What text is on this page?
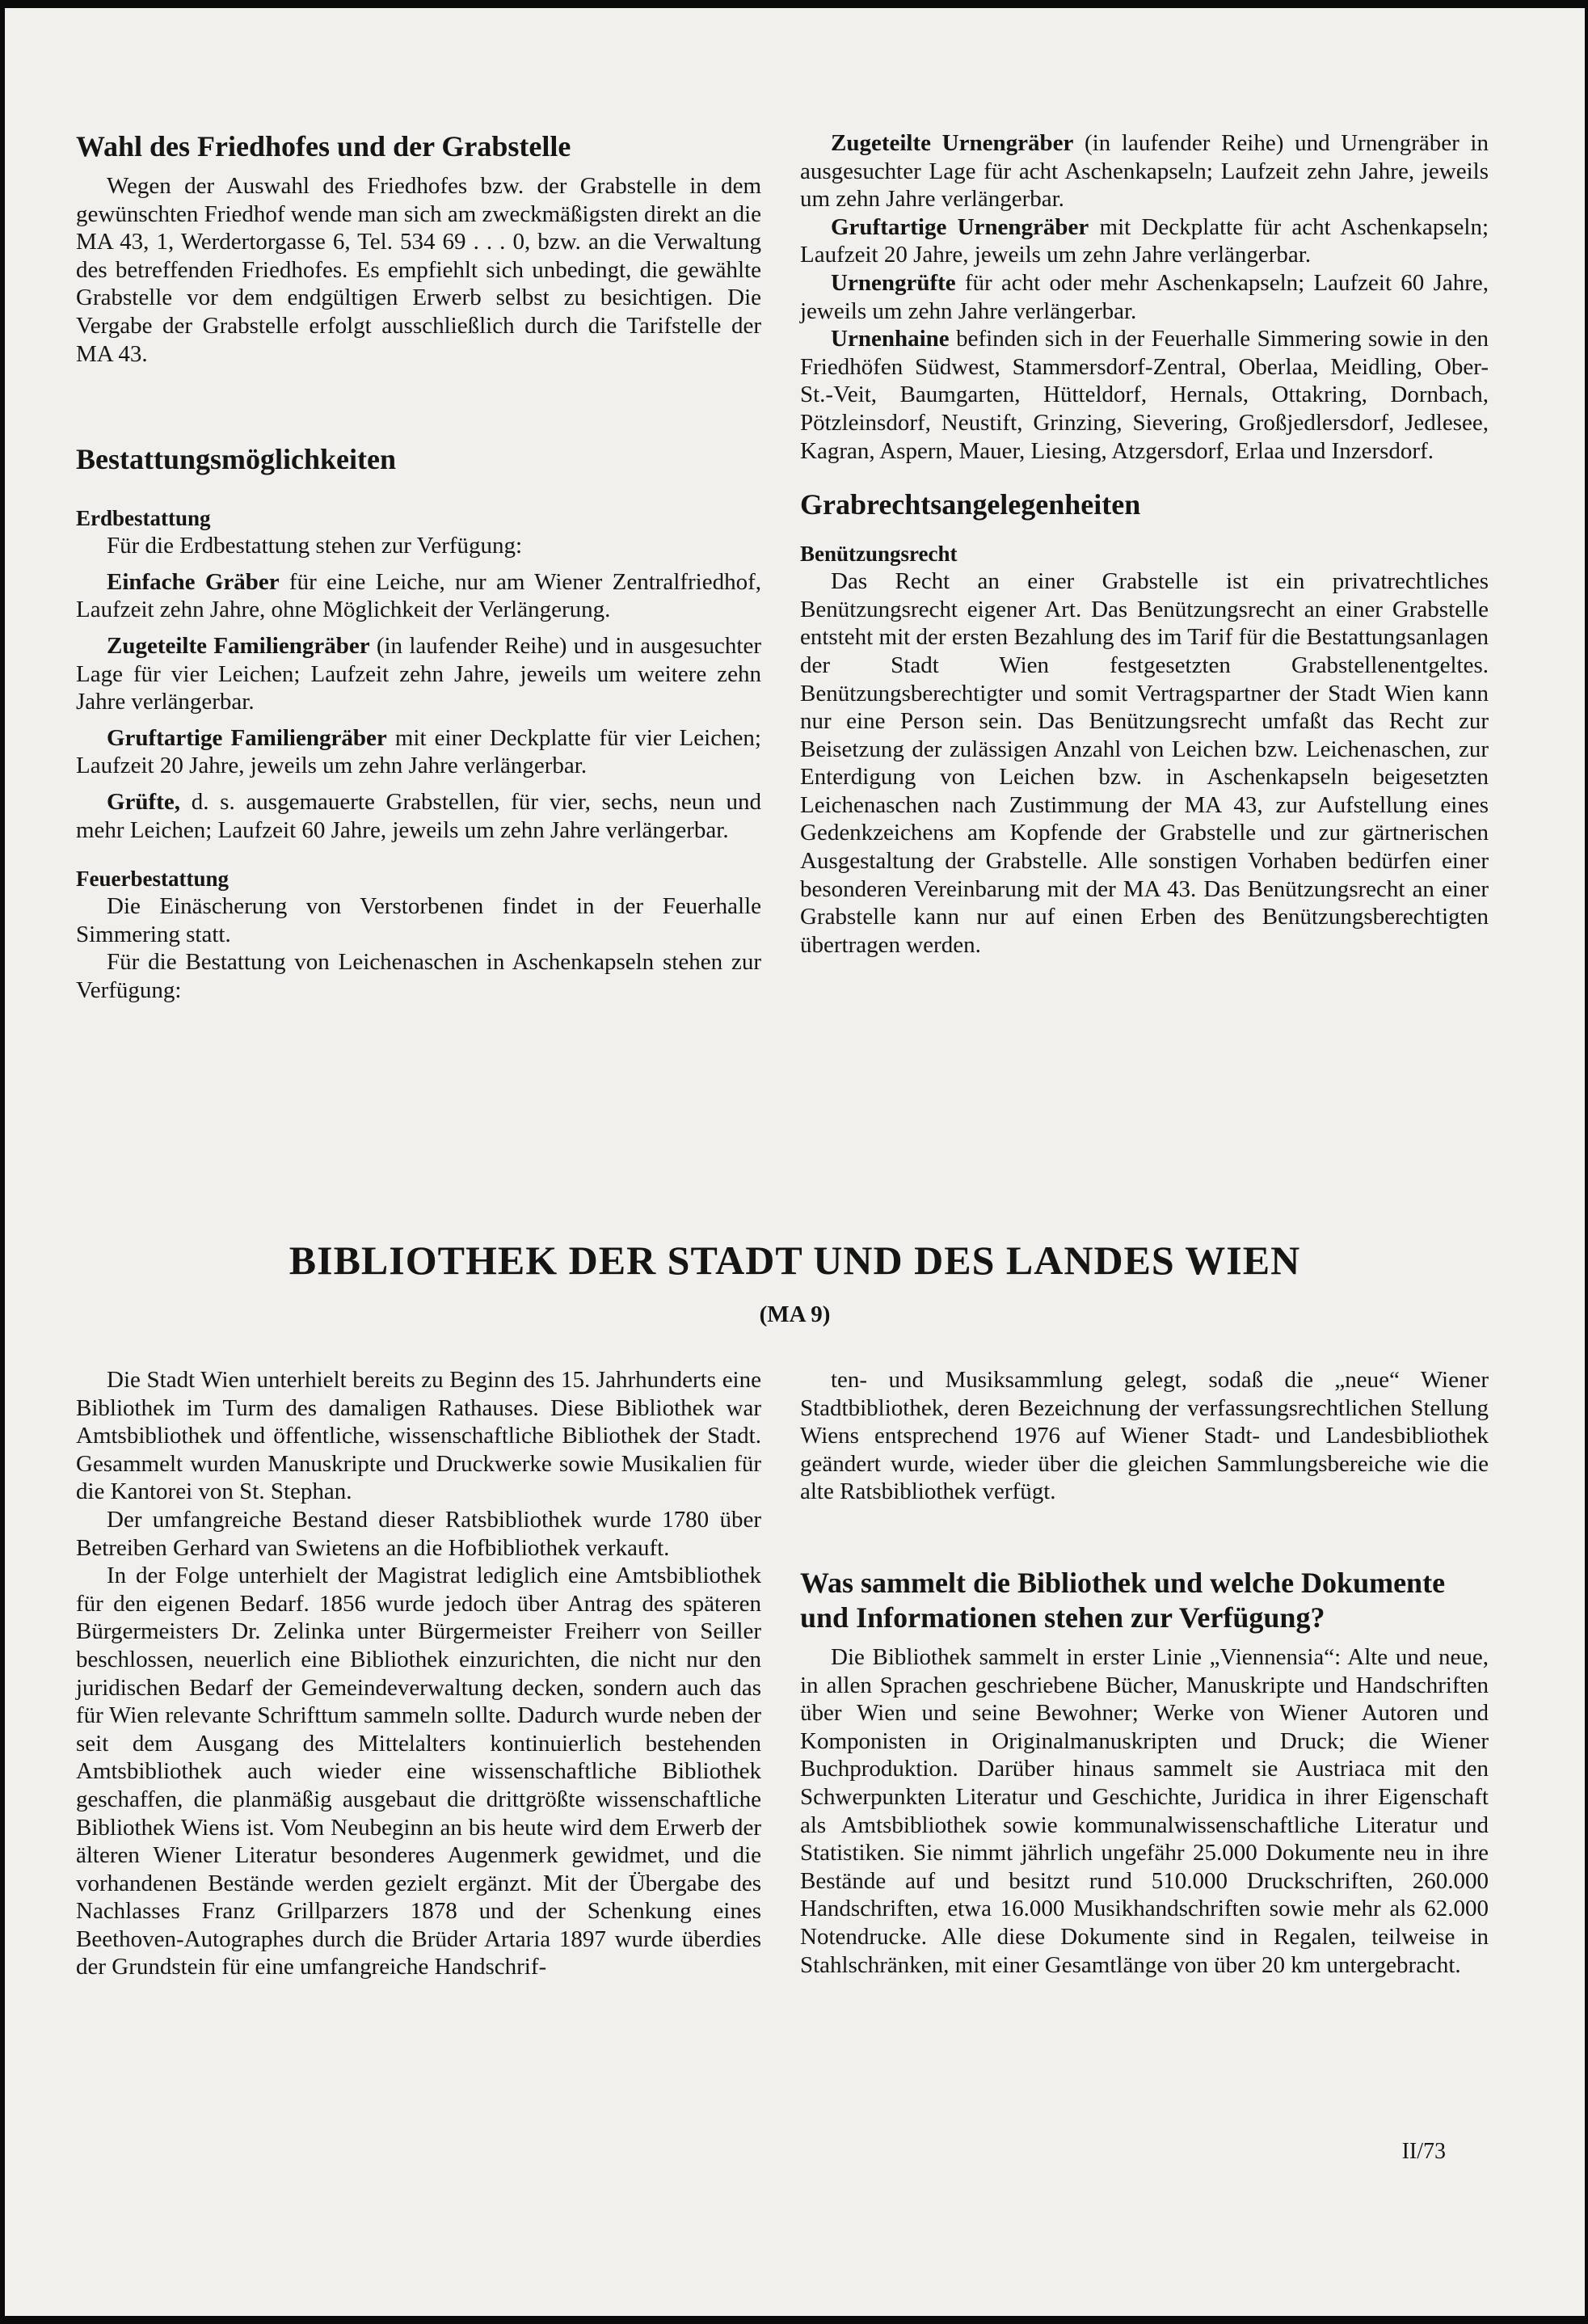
Wahl des Friedhofes und der Grabstelle

Wegen der Auswahl des Friedhofes bzw. der Grabstelle in dem gewünschten Friedhof wende man sich am zweckmäßigsten direkt an die MA 43, 1, Werdertorgasse 6, Tel. 534 69 . . . 0, bzw. an die Verwaltung des betreffenden Friedhofes. Es empfiehlt sich unbedingt, die gewählte Grabstelle vor dem endgültigen Erwerb selbst zu besichtigen. Die Vergabe der Grabstelle erfolgt ausschließlich durch die Tarifstelle der MA 43.

Bestattungsmöglichkeiten
Erdbestattung

Für die Erdbestattung stehen zur Verfügung:

Einfache Gräber für eine Leiche, nur am Wiener Zentralfriedhof, Laufzeit zehn Jahre, ohne Möglichkeit der Verlängerung.

Zugeteilte Familiengräber (in laufender Reihe) und in ausgesuchter Lage für vier Leichen; Laufzeit zehn Jahre, jeweils um weitere zehn Jahre verlängerbar.

Gruftartige Familiengräber mit einer Deckplatte für vier Leichen; Laufzeit 20 Jahre, jeweils um zehn Jahre verlängerbar.

Grüfte, d. s. ausgemauerte Grabstellen, für vier, sechs, neun und mehr Leichen; Laufzeit 60 Jahre, jeweils um zehn Jahre verlängerbar.

Feuerbestattung

Die Einäscherung von Verstorbenen findet in der Feuerhalle Simmering statt.

Für die Bestattung von Leichenaschen in Aschenkapseln stehen zur Verfügung:

Zugeteilte Urnengräber (in laufender Reihe) und Urnengräber in ausgesuchter Lage für acht Aschenkapseln; Laufzeit zehn Jahre, jeweils um zehn Jahre verlängerbar.

Gruftartige Urnengräber mit Deckplatte für acht Aschenkapseln; Laufzeit 20 Jahre, jeweils um zehn Jahre verlängerbar.

Urnengrüfte für acht oder mehr Aschenkapseln; Laufzeit 60 Jahre, jeweils um zehn Jahre verlängerbar.

Urnenhaine befinden sich in der Feuerhalle Simmering sowie in den Friedhöfen Südwest, Stammersdorf-Zentral, Oberlaa, Meidling, Ober-St.-Veit, Baumgarten, Hütteldorf, Hernals, Ottakring, Dornbach, Pötzleinsdorf, Neustift, Grinzing, Sievering, Großjedlersdorf, Jedlesee, Kagran, Aspern, Mauer, Liesing, Atzgersdorf, Erlaa und Inzersdorf.

Grabrechtsangelegenheiten
Benützungsrecht

Das Recht an einer Grabstelle ist ein privatrechtliches Benützungsrecht eigener Art. Das Benützungsrecht an einer Grabstelle entsteht mit der ersten Bezahlung des im Tarif für die Bestattungsanlagen der Stadt Wien festgesetzten Grabstellenentgeltes. Benützungsberechtigter und somit Vertragspartner der Stadt Wien kann nur eine Person sein. Das Benützungsrecht umfaßt das Recht zur Beisetzung der zulässigen Anzahl von Leichen bzw. Leichenaschen, zur Enterdigung von Leichen bzw. in Aschenkapseln beigesetzten Leichenaschen nach Zustimmung der MA 43, zur Aufstellung eines Gedenkzeichens am Kopfende der Grabstelle und zur gärtnerischen Ausgestaltung der Grabstelle. Alle sonstigen Vorhaben bedürfen einer besonderen Vereinbarung mit der MA 43. Das Benützungsrecht an einer Grabstelle kann nur auf einen Erben des Benützungsberechtigten übertragen werden.

BIBLIOTHEK DER STADT UND DES LANDES WIEN
(MA 9)

Die Stadt Wien unterhielt bereits zu Beginn des 15. Jahrhunderts eine Bibliothek im Turm des damaligen Rathauses. Diese Bibliothek war Amtsbibliothek und öffentliche, wissenschaftliche Bibliothek der Stadt. Gesammelt wurden Manuskripte und Druckwerke sowie Musikalien für die Kantorei von St. Stephan.

Der umfangreiche Bestand dieser Ratsbibliothek wurde 1780 über Betreiben Gerhard van Swietens an die Hofbibliothek verkauft.

In der Folge unterhielt der Magistrat lediglich eine Amtsbibliothek für den eigenen Bedarf. 1856 wurde jedoch über Antrag des späteren Bürgermeisters Dr. Zelinka unter Bürgermeister Freiherr von Seiller beschlossen, neuerlich eine Bibliothek einzurichten, die nicht nur den juridischen Bedarf der Gemeindeverwaltung decken, sondern auch das für Wien relevante Schrifttum sammeln sollte. Dadurch wurde neben der seit dem Ausgang des Mittelalters kontinuierlich bestehenden Amtsbibliothek auch wieder eine wissenschaftliche Bibliothek geschaffen, die planmäßig ausgebaut die drittgrößte wissenschaftliche Bibliothek Wiens ist. Vom Neubeginn an bis heute wird dem Erwerb der älteren Wiener Literatur besonderes Augenmerk gewidmet, und die vorhandenen Bestände werden gezielt ergänzt. Mit der Übergabe des Nachlasses Franz Grillparzers 1878 und der Schenkung eines Beethoven-Autographes durch die Brüder Artaria 1897 wurde überdies der Grundstein für eine umfangreiche Handschrif-

ten- und Musiksammlung gelegt, sodaß die „neue“ Wiener Stadtbibliothek, deren Bezeichnung der verfassungsrechtlichen Stellung Wiens entsprechend 1976 auf Wiener Stadt- und Landesbibliothek geändert wurde, wieder über die gleichen Sammlungsbereiche wie die alte Ratsbibliothek verfügt.

Was sammelt die Bibliothek und welche Dokumente und Informationen stehen zur Verfügung?

Die Bibliothek sammelt in erster Linie „Viennensia“: Alte und neue, in allen Sprachen geschriebene Bücher, Manuskripte und Handschriften über Wien und seine Bewohner; Werke von Wiener Autoren und Komponisten in Originalmanuskripten und Druck; die Wiener Buchproduktion. Darüber hinaus sammelt sie Austriaca mit den Schwerpunkten Literatur und Geschichte, Juridica in ihrer Eigenschaft als Amtsbibliothek sowie kommunalwissenschaftliche Literatur und Statistiken. Sie nimmt jährlich ungefähr 25.000 Dokumente neu in ihre Bestände auf und besitzt rund 510.000 Druckschriften, 260.000 Handschriften, etwa 16.000 Musikhandschriften sowie mehr als 62.000 Notendrucke. Alle diese Dokumente sind in Regalen, teilweise in Stahlschränken, mit einer Gesamtlänge von über 20 km untergebracht.

II/73
